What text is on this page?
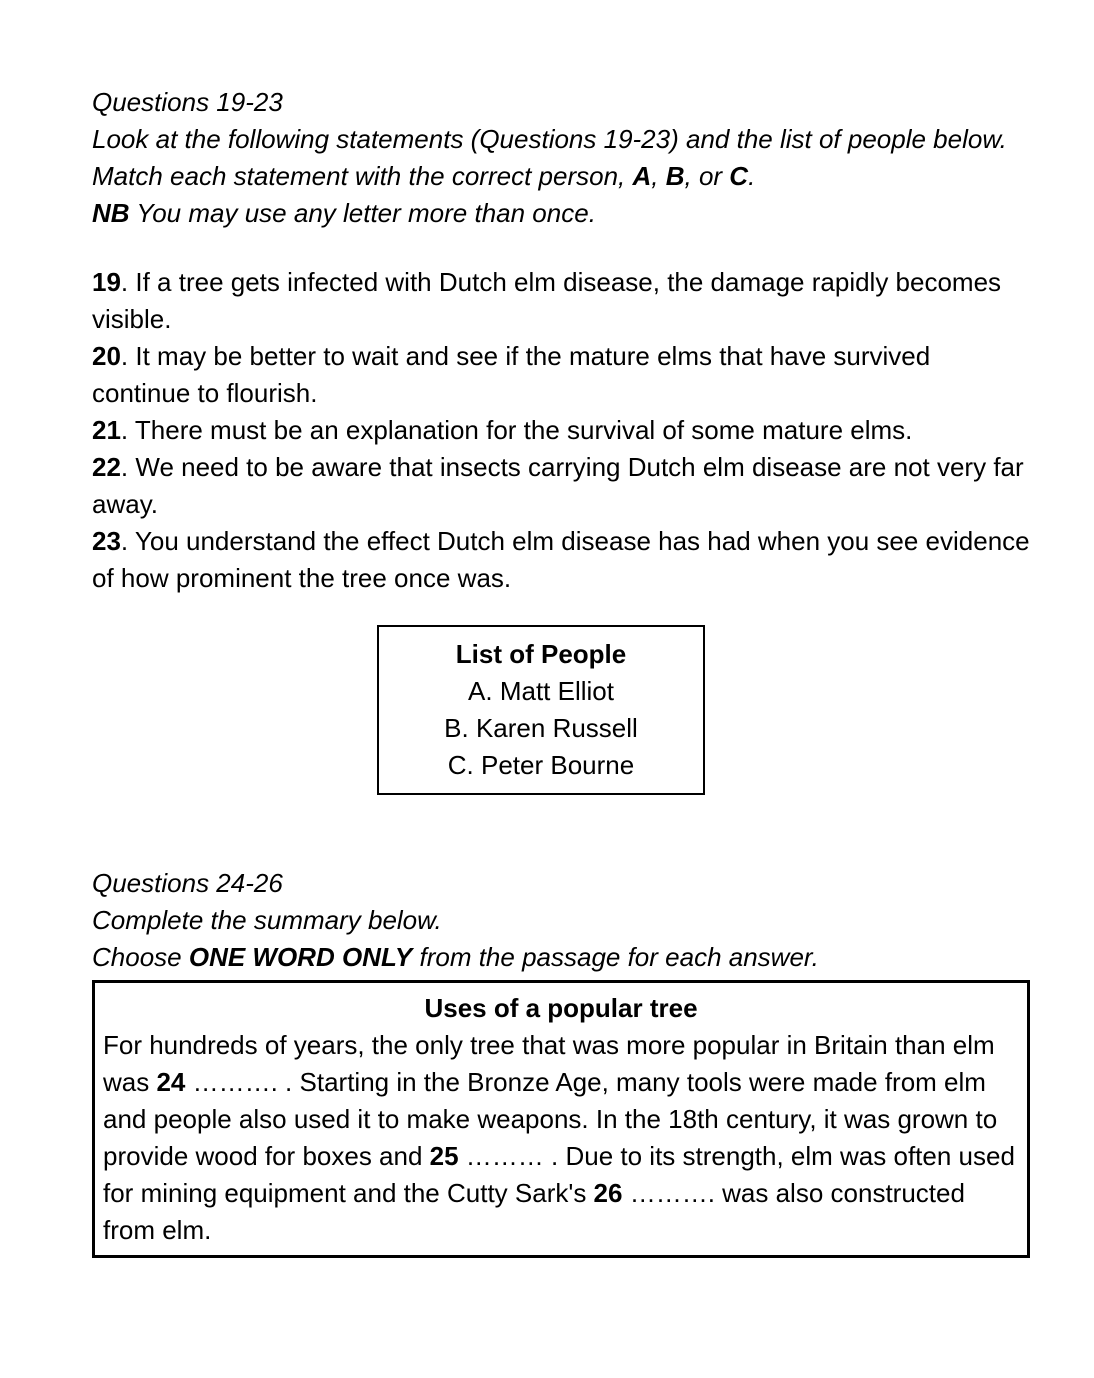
Questions 19-23

Look at the following statements (Questions 19-23) and the list of people below.

Match each statement with the correct person, A, B, or C.

NB You may use any letter more than once.

19. If a tree gets infected with Dutch elm disease, the damage rapidly becomes visible.

20. It may be better to wait and see if the mature elms that have survived continue to flourish.

21. There must be an explanation for the survival of some mature elms.

22. We need to be aware that insects carrying Dutch elm disease are not very far away.

23. You understand the effect Dutch elm disease has had when you see evidence of how prominent the tree once was.

List of People

A. Matt Elliot

B. Karen Russell

C. Peter Bourne

Questions 24-26

Complete the summary below.

Choose ONE WORD ONLY from the passage for each answer.

Uses of a popular tree

For hundreds of years, the only tree that was more popular in Britain than elm was 24 ………. . Starting in the Bronze Age, many tools were made from elm and people also used it to make weapons. In the 18th century, it was grown to provide wood for boxes and 25 ……… . Due to its strength, elm was often used for mining equipment and the Cutty Sark's 26 ………. was also constructed from elm.
